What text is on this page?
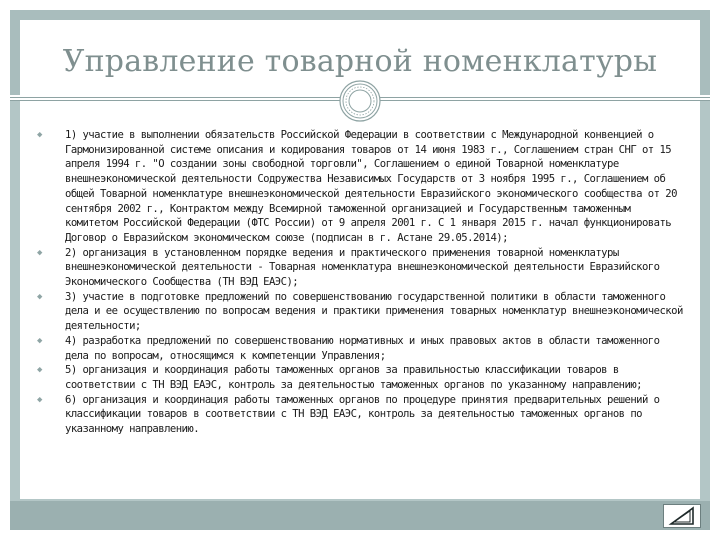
Управление товарной номенклатуры
◆ 1) участие в выполнении обязательств Российской Федерации в соответствии с Международной конвенцией о Гармонизированной системе описания и кодирования товаров от 14 июня 1983 г., Соглашением стран СНГ от 15 апреля 1994 г. "О создании зоны свободной торговли", Соглашением о единой Товарной номенклатуре внешнеэкономической деятельности Содружества Независимых Государств от 3 ноября 1995 г., Соглашением об общей Товарной номенклатуре внешнеэкономической деятельности Евразийского экономического сообщества от 20 сентября 2002 г., Контрактом между Всемирной таможенной организацией и Государственным таможенным комитетом Российской Федерации (ФТС России) от 9 апреля 2001 г. С 1 января 2015 г. начал функционировать Договор о Евразийском экономическом союзе (подписан в г. Астане 29.05.2014);
◆ 2) организация в установленном порядке ведения и практического применения товарной номенклатуры внешнеэкономической деятельности - Товарная номенклатура внешнеэкономической деятельности Евразийского Экономического Сообщества (ТН ВЭД ЕАЭС);
◆ 3) участие в подготовке предложений по совершенствованию государственной политики в области таможенного дела и ее осуществлению по вопросам ведения и практики применения товарных номенклатур внешнеэкономической деятельности;
◆ 4) разработка предложений по совершенствованию нормативных и иных правовых актов в области таможенного дела по вопросам, относящимся к компетенции Управления;
◆ 5) организация и координация работы таможенных органов за правильностью классификации товаров в соответствии с ТН ВЭД ЕАЭС, контроль за деятельностью таможенных органов по указанному направлению;
◆ 6) организация и координация работы таможенных органов по процедуре принятия предварительных решений о классификации товаров в соответствии с ТН ВЭД ЕАЭС, контроль за деятельностью таможенных органов по указанному направлению.
